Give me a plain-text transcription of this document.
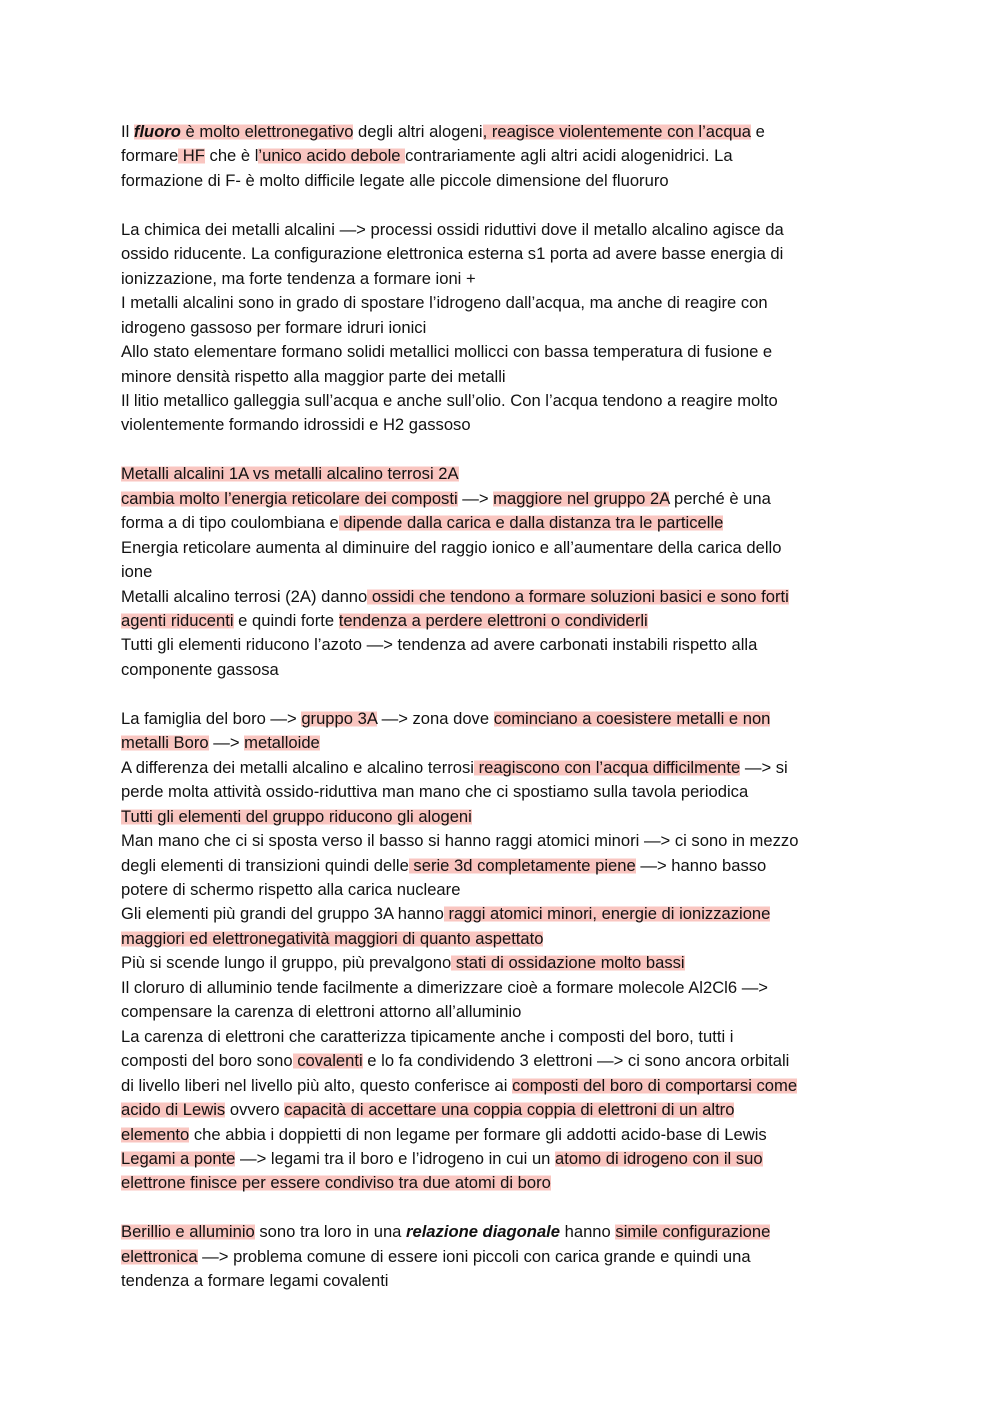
Il fluoro è molto elettronegativo degli altri alogeni, reagisce violentemente con l’acqua e
formare HF che è l’unico acido debole contrariamente agli altri acidi alogenidrici. La
formazione di F- è molto difficile legate alle piccole dimensione del fluoruro
La chimica dei metalli alcalini —> processi ossidi riduttivi dove il metallo alcalino agisce da
ossido riducente. La configurazione elettronica esterna s1 porta ad avere basse energia di
ionizzazione, ma forte tendenza a formare ioni +
I metalli alcalini sono in grado di spostare l’idrogeno dall’acqua, ma anche di reagire con
idrogeno gassoso per formare idruri ionici
Allo stato elementare formano solidi metallici mollicci con bassa temperatura di fusione e
minore densità rispetto alla maggior parte dei metalli
Il litio metallico galleggia sull’acqua e anche sull’olio. Con l’acqua tendono a reagire molto
violentemente formando idrossidi e H2 gassoso
Metalli alcalini 1A vs metalli alcalino terrosi 2A
cambia molto l’energia reticolare dei composti —> maggiore nel gruppo 2A perché è una
forma a di tipo coulombiana e dipende dalla carica e dalla distanza tra le particelle
Energia reticolare aumenta al diminuire del raggio ionico e all’aumentare della carica dello
ione
Metalli alcalino terrosi (2A) danno ossidi che tendono a formare soluzioni basici e sono forti
agenti riducenti e quindi forte tendenza a perdere elettroni o condividerli
Tutti gli elementi riducono l’azoto —> tendenza ad avere carbonati instabili rispetto alla
componente gassosa
La famiglia del boro —> gruppo 3A —> zona dove cominciano a coesistere metalli e non
metalli Boro —> metalloide
A differenza dei metalli alcalino e alcalino terrosi reagiscono con l’acqua difficilmente —> si
perde molta attività ossido-riduttiva man mano che ci spostiamo sulla tavola periodica
Tutti gli elementi del gruppo riducono gli alogeni
Man mano che ci si sposta verso il basso si hanno raggi atomici minori —> ci sono in mezzo
degli elementi di transizioni quindi delle serie 3d completamente piene —> hanno basso
potere di schermo rispetto alla carica nucleare
Gli elementi più grandi del gruppo 3A hanno raggi atomici minori, energie di ionizzazione
maggiori ed elettronegatività maggiori di quanto aspettato
Più si scende lungo il gruppo, più prevalgono stati di ossidazione molto bassi
Il cloruro di alluminio tende facilmente a dimerizzare cioè a formare molecole Al2Cl6 —>
compensare la carenza di elettroni attorno all’alluminio
La carenza di elettroni che caratterizza tipicamente anche i composti del boro, tutti i
composti del boro sono covalenti e lo fa condividendo 3 elettroni —> ci sono ancora orbitali
di livello liberi nel livello più alto, questo conferisce ai composti del boro di comportarsi come
acido di Lewis ovvero capacità di accettare una coppia coppia di elettroni di un altro
elemento che abbia i doppietti di non legame per formare gli addotti acido-base di Lewis
Legami a ponte —> legami tra il boro e l’idrogeno in cui un atomo di idrogeno con il suo
elettrone finisce per essere condiviso tra due atomi di boro
Berillio e alluminio sono tra loro in una relazione diagonale hanno simile configurazione
elettronica —> problema comune di essere ioni piccoli con carica grande e quindi una
tendenza a formare legami covalenti
